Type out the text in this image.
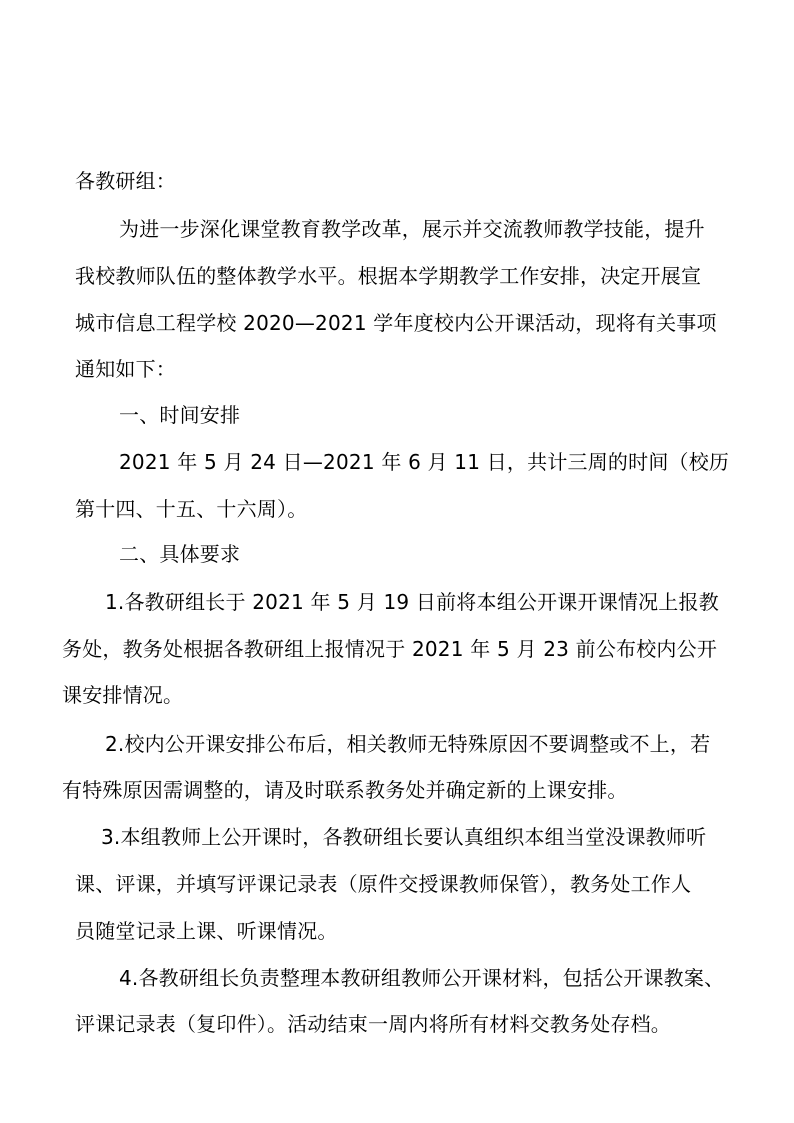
各教研组：
为进一步深化课堂教育教学改革，展示并交流教师教学技能，提升
我校教师队伍的整体教学水平。根据本学期教学工作安排，决定开展宣
城市信息工程学校 2020—2021 学年度校内公开课活动，现将有关事项
通知如下：
一、时间安排
2021 年 5 月 24 日—2021 年 6 月 11 日，共计三周的时间（校历
第十四、十五、十六周）。
二、具体要求
1.各教研组长于 2021 年 5 月 19 日前将本组公开课开课情况上报教
务处，教务处根据各教研组上报情况于 2021 年 5 月 23 前公布校内公开
课安排情况。
2.校内公开课安排公布后，相关教师无特殊原因不要调整或不上，若
有特殊原因需调整的，请及时联系教务处并确定新的上课安排。
3.本组教师上公开课时，各教研组长要认真组织本组当堂没课教师听
课、评课，并填写评课记录表（原件交授课教师保管），教务处工作人
员随堂记录上课、听课情况。
4.各教研组长负责整理本教研组教师公开课材料，包括公开课教案、
评课记录表（复印件）。活动结束一周内将所有材料交教务处存档。
